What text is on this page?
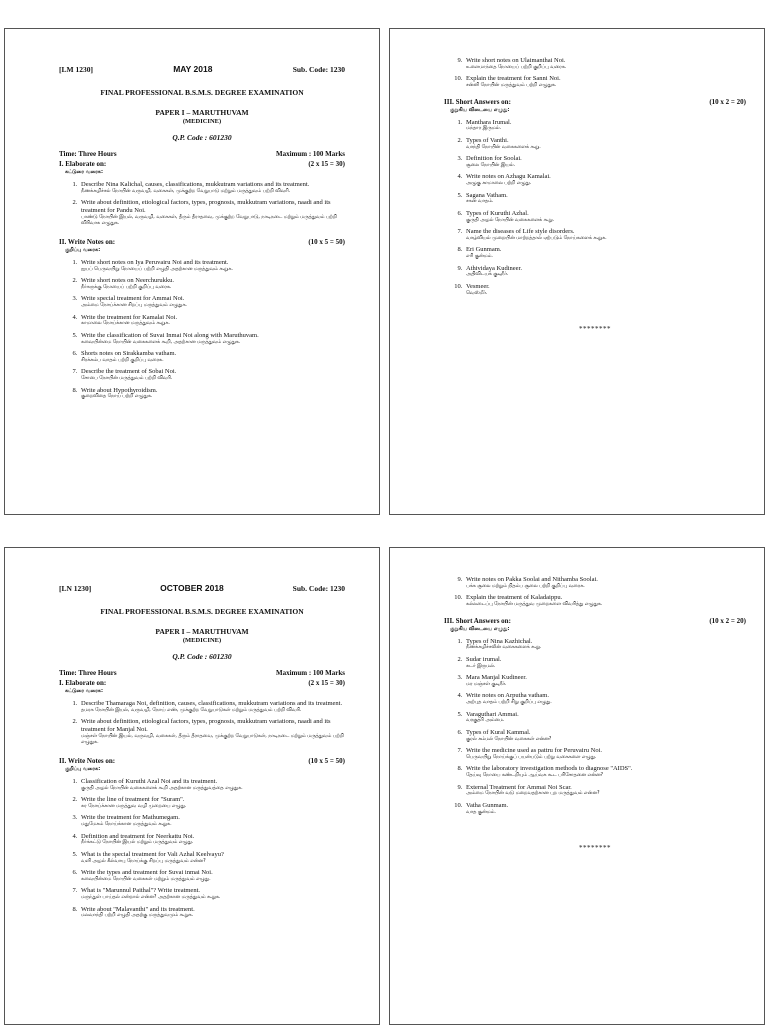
[LM 1230]	MAY 2018	Sub. Code: 1230
FINAL PROFESSIONAL B.S.M.S. DEGREE EXAMINATION
PAPER I – MARUTHUVAM
(MEDICINE)
Q.P. Code : 601230
Time: Three Hours	Maximum : 100 Marks
I. Elaborate on:	(2 x 15 = 30)
கட்டுரை வரைக:
1. Describe Nina Kalichal, causes, classifications, mukkutram variations and its treatment.
நீணக்கழிச்சல் நோயின் வருவழி, வகைகள், முக்குற்ற வேறுபாடு மற்றும் மருத்துவம் பற்றி விவரி.
2. Write about definition, etiological factors, types, prognosis, mukkutram variations, naadi and its treatment for Pandu Noi.
பாண்டு நோயின் இயல், வருவழி, வகைகள், தீரும் தீராதவை, முக்குற்ற வேறுபாடு, நாடிநடை மற்றும் மருத்துவம் பற்றி விரிவாக எழுதுக.
II. Write Notes on:	(10 x 5 = 50)
குறிப்பு வரைக:
1. Write short notes on Iya Peruvairu Noi and its treatment.
ஐயப் பெருவயிறு நோயைப் பற்றி எழுதி அதற்கான மருத்துவம் கூறுக.
2. Write short notes on Neerchurukku.
நீர்சுருக்கு நோயைப் பற்றி குறிப்பு வரைக.
3. Write special treatment for Ammai Noi.
அம்மை நோய்க்கான சிறப்பு மருத்துவம் எழுதுக.
4. Write the treatment for Kamalai Noi.
காமாலை நோய்க்கான மருத்துவம் கூறுக.
5. Write the classification of Suvai Inmai Noi along with Maruthuvam.
சுவையின்மை நோயின் வகைகளைக் கூறி, அதற்கான மருத்துவம் எழுதுக.
6. Shorts notes on Sirakkamba vatham.
சிரக்கம்ப வாதம் பற்றி குறிப்பு வரைக.
7. Describe the treatment of Sobai Noi.
சோபை நோயின் மருத்துவம் பற்றி விவரி.
8. Write about Hypothyroidism.
குறைவிதை நோய் பற்றி எழுதுக.
9. Write short notes on Ulaimanthai Noi.
உளைமாந்தை நோயைப் பற்றி குறிப்பு வரைக.
10. Explain the treatment for Sanni Noi.
சன்னி நோயின் மருத்துவம் பற்றி எழுதுக.
III. Short Answers on:	(10 x 2 = 20)
குறுகிய விடையை எழுது:
1. Manthara Irumal.
மந்தார இருமல்.
2. Types of Vanthi.
வாந்தி நோயின் வகைகளைக் கூறு.
3. Definition for Soolai.
சூலை நோயின் இயல்.
4. Write notes on Azhagu Kamalai.
அழுகு காமாலை பற்றி எழுது.
5. Sagana Vatham.
சகன வாதம்.
6. Types of Kuruthi Azhal.
குருதி அழல் நோயின் வகைகளைக் கூறு.
7. Name the diseases of Life style disorders.
வாழ்வியல் முறையின் மாற்றத்தால் ஏற்படும் நோய்களைக் கூறுக.
8. Eri Gunmam.
எரி குன்மம்.
9. Athividaya Kudineer.
அதிவிடயக் குடிநீர்.
10. Vesmeer.
வெஸ்மீர்.
********
[LN 1230]	OCTOBER 2018	Sub. Code: 1230
FINAL PROFESSIONAL B.S.M.S. DEGREE EXAMINATION
PAPER I – MARUTHUVAM
(MEDICINE)
Q.P. Code : 601230
Time: Three Hours	Maximum : 100 Marks
I. Elaborate on:	(2 x 15 = 30)
கட்டுரை வரைக:
1. Describe Thamaraga Noi, definition, causes, classifications, mukkutram variations and its treatment.
தமரக நோயின் இயல், வருவழி, நோய் எண், முக்குற்ற வேறுபாடுகள் மற்றும் மருத்துவம் பற்றி விவரி.
2. Write about definition, etiological factors, types, prognosis, mukkutram variations, naadi and its treatment for Manjal Noi.
மஞ்சள் நோயின் இயல், வருவழி, வகைகள், தீரும் தீராதவை, முக்குற்ற வேறுபாடுகள், நாடிநடை மற்றும் மருத்துவம் பற்றி எழுதுக.
II. Write Notes on:	(10 x 5 = 50)
குறிப்பு வரைக:
1. Classification of Kuruthi Azal Noi and its treatment.
குருதி அழல் நோயின் வகைகளைக் கூறி அதற்கான மருத்துவத்தை எழுதுக.
2. Write the line of treatment for "Suram".
சுர நோய்க்கான மருத்துவ வழி முறையை எழுது.
3. Write the treatment for Mathumegam.
மதுமேகம் நோய்க்கான மருத்துவம் கூறுக.
4. Definition and treatment for Neerkattu Noi.
நீர்க்கட்டு நோயின் இயல் மற்றும் மருத்துவம் எழுது.
5. What is the special treatment for Vali Azhal Keelvayu?
வளி அழல் கீல்வாயு நோய்க்கு சிறப்பு மருத்துவம் என்ன?
6. Write the types and treatment for Suvai inmai Noi.
சுவையின்மை நோயின் வகைகள் மற்றும் மருத்துவம் எழுது.
7. What is "Marunnul Paithal"? Write treatment.
மருந்துள் பாய்தல் என்றால் என்ன? அதற்கான மருத்துவம் கூறுக.
8. Write about "Malavanthi" and its treatment.
மலவாந்தி பற்றி எழுதி அதற்கு மருத்துவமும் கூறுக.
9. Write notes on Pakka Soolai and Nithamba Soolai.
பக்க சூலை மற்றும் நிதம்ப சூலை பற்றி குறிப்பு வரைக.
10. Explain the treatment of Kaladaippu.
கல்லடைப்பு நோயின் மருத்துவ முறைகளை விவரித்து எழுதுக.
III. Short Answers on:	(10 x 2 = 20)
குறுகிய விடையை எழுது:
1. Types of Nina Kazhichal.
நீணக்கழிச்சலின் வகைகளைக் கூறு.
2. Sudar irumal.
சுடர் இருமல்.
3. Mara Manjal Kudineer.
மர மஞ்சள் குடிநீர்.
4. Write notes on Arputha vatham.
அற்புத வாதம் பற்றி சிறு குறிப்பு எழுது.
5. Varaguthari Ammai.
வரகுதரி அம்மை.
6. Types of Kural Kammal.
குரல் கம்மல் நோயின் வகைகள் என்ன?
7. Write the medicine used as pattru for Peruvairu Noi.
பெருவயிறு நோய்க்குப் பயன்படும் பற்று வகைகளை எழுது.
8. Write the laboratory investigation methods to diagnose "AIDS".
தேய்வு நோயை கண்டறியும் ஆய்வக கூட பரிசோதனை என்ன?
9. External Treatment for Ammai Noi Scar.
அம்மை நோயின் வடு மறைவதற்கான புற மருத்துவம் என்ன?
10. Vatha Gunmam.
வாத குன்மம்.
********
